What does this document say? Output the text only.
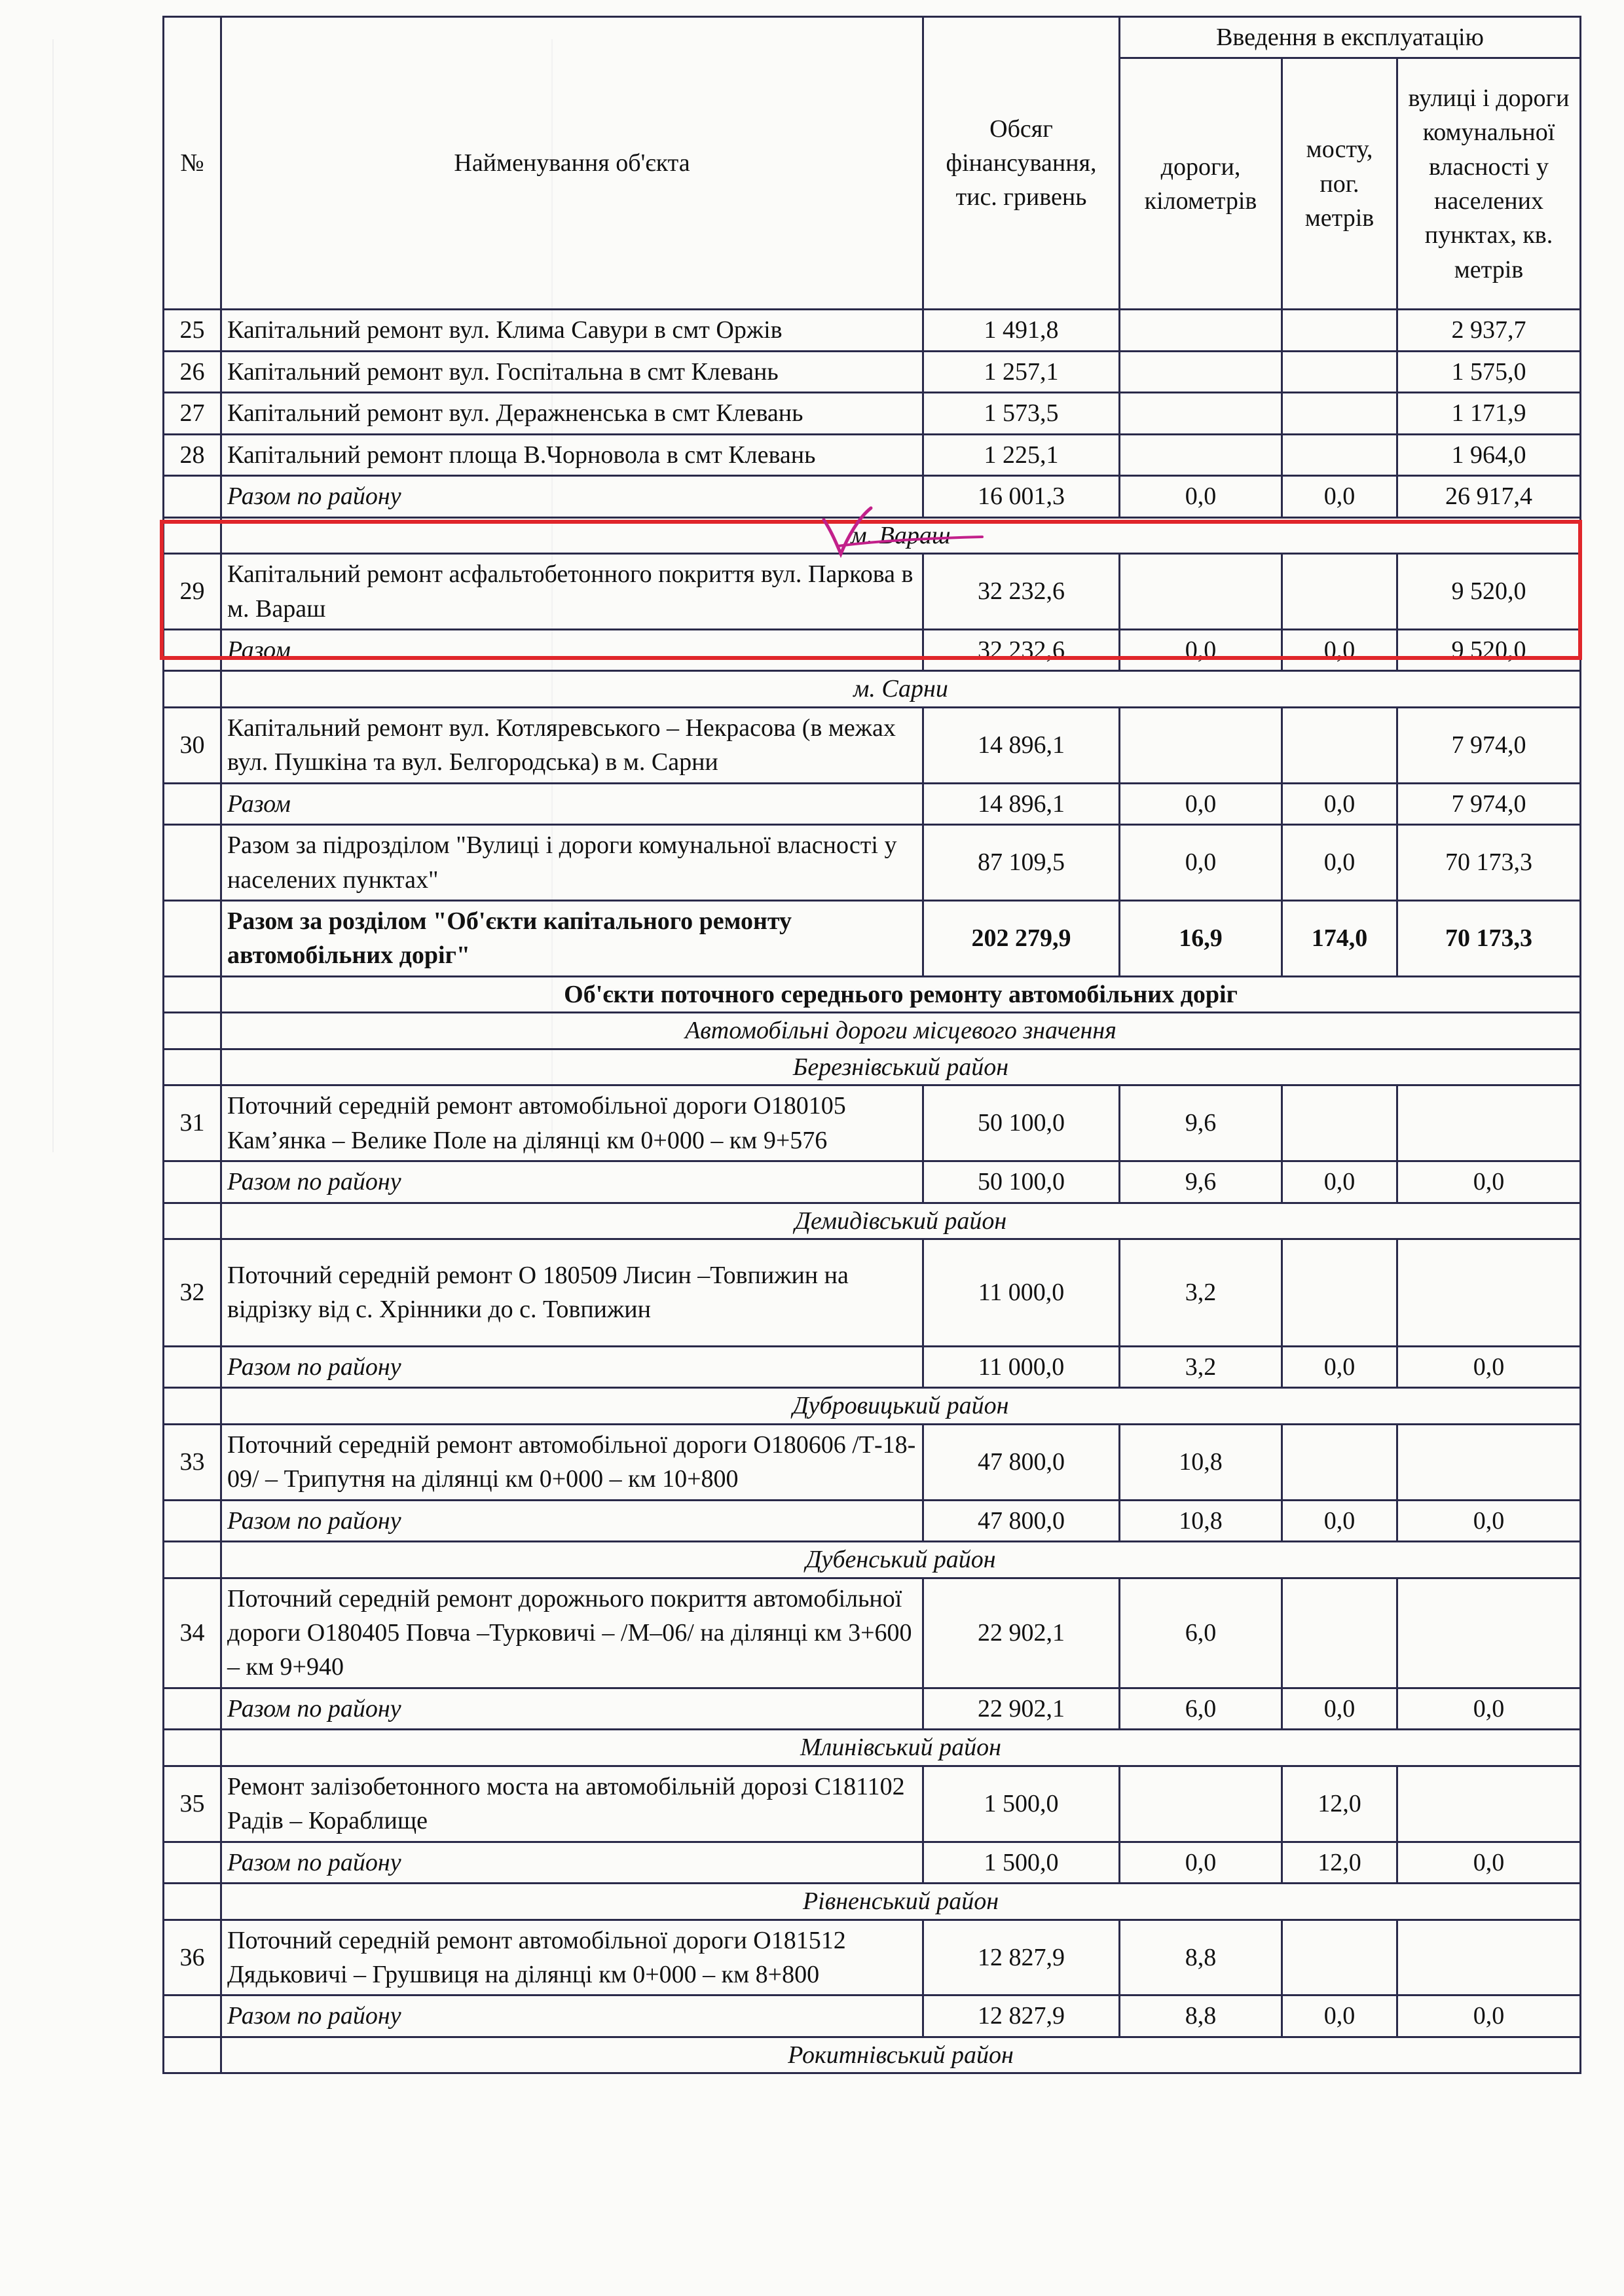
№	Найменування об'єкта	Обсяг фінансування, тис. гривень	Введення в експлуатацію		
			дороги, кілометрів	мосту, пог. метрів	вулиці і дороги комунальної власності у населених пунктах, кв. метрів
25	Капітальний ремонт вул. Клима Савури в смт Оржів	1 491,8			2 937,7
26	Капітальний ремонт вул. Госпітальна в смт Клевань	1 257,1			1 575,0
27	Капітальний ремонт вул. Деражненська в смт Клевань	1 573,5			1 171,9
28	Капітальний ремонт площа В.Чорновола в смт Клевань	1 225,1			1 964,0
	Разом по району	16 001,3	0,0	0,0	26 917,4
	м. Вараш				
29	Капітальний ремонт асфальтобетонного покриття вул. Паркова в м. Вараш	32 232,6			9 520,0
	Разом	32 232,6	0,0	0,0	9 520,0
	м. Сарни				
30	Капітальний ремонт вул. Котляревського – Некрасова (в межах вул. Пушкіна та вул. Белгородська) в м. Сарни	14 896,1			7 974,0
	Разом	14 896,1	0,0	0,0	7 974,0
	Разом за підрозділом "Вулиці і дороги комунальної власності у населених пунктах"	87 109,5	0,0	0,0	70 173,3
	Разом за розділом "Об'єкти капітального ремонту автомобільних доріг"	202 279,9	16,9	174,0	70 173,3
	Об'єкти поточного середнього ремонту автомобільних доріг				
	Автомобільні дороги місцевого значення				
	Березнівський район				
31	Поточний середній ремонт автомобільної дороги О180105 Кам’янка – Велике Поле на ділянці км 0+000 – км 9+576	50 100,0	9,6		
	Разом по району	50 100,0	9,6	0,0	0,0
	Демидівський район				
32	Поточний середній ремонт О 180509 Лисин –Товпижин на відрізку від с. Хрінники до с. Товпижин	11 000,0	3,2		
	Разом по району	11 000,0	3,2	0,0	0,0
	Дубровицький район				
33	Поточний середній ремонт автомобільної дороги О180606 /Т-18-09/ – Трипутня на ділянці км 0+000 – км 10+800	47 800,0	10,8		
	Разом по району	47 800,0	10,8	0,0	0,0
	Дубенський район				
34	Поточний середній ремонт дорожнього покриття автомобільної дороги О180405 Повча –Турковичі – /М–06/ на ділянці км 3+600 – км 9+940	22 902,1	6,0		
	Разом по району	22 902,1	6,0	0,0	0,0
	Млинівський район				
35	Ремонт залізобетонного моста на автомобільній дорозі С181102 Радів – Кораблище	1 500,0		12,0	
	Разом по району	1 500,0	0,0	12,0	0,0
	Рівненський район				
36	Поточний середній ремонт автомобільної дороги О181512 Дядьковичі – Грушвиця на ділянці км 0+000 – км 8+800	12 827,9	8,8		
	Разом по району	12 827,9	8,8	0,0	0,0
	Рокитнівський район				
